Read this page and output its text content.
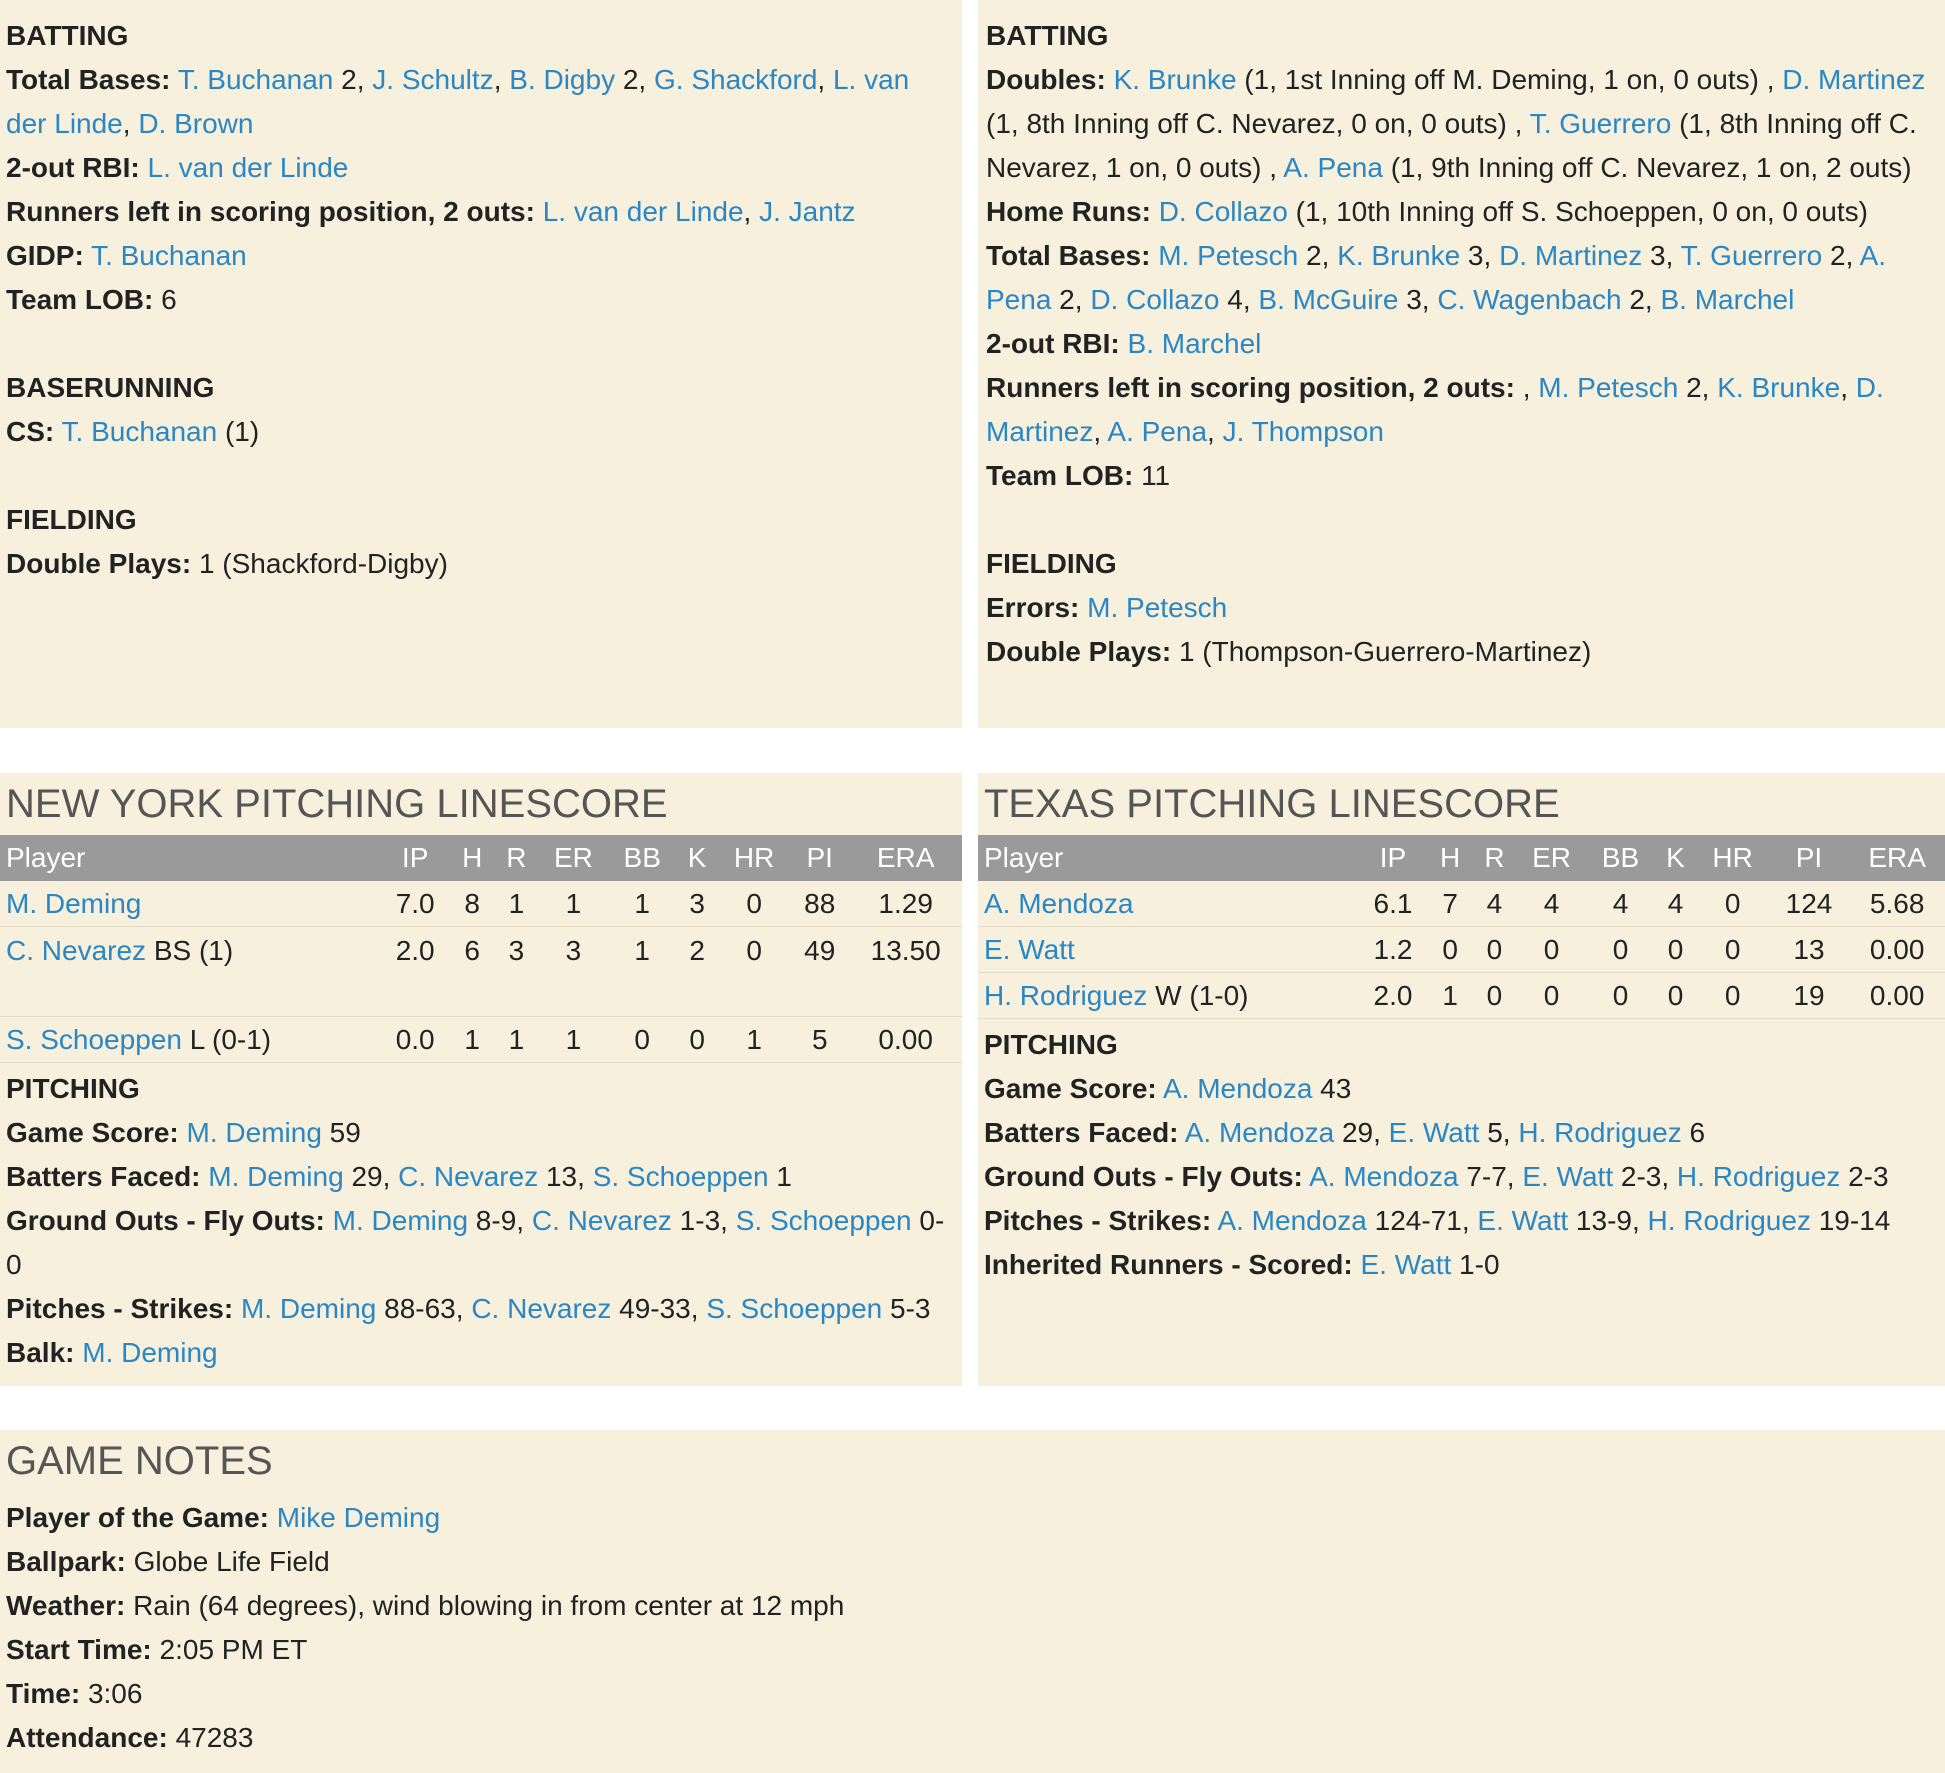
BATTING
Total Bases: T. Buchanan 2, J. Schultz, B. Digby 2, G. Shackford, L. van der Linde, D. Brown
2-out RBI: L. van der Linde
Runners left in scoring position, 2 outs: L. van der Linde, J. Jantz
GIDP: T. Buchanan
Team LOB: 6
BASERUNNING
CS: T. Buchanan (1)
FIELDING
Double Plays: 1 (Shackford-Digby)
BATTING
Doubles: K. Brunke (1, 1st Inning off M. Deming, 1 on, 0 outs) , D. Martinez (1, 8th Inning off C. Nevarez, 0 on, 0 outs) , T. Guerrero (1, 8th Inning off C. Nevarez, 1 on, 0 outs) , A. Pena (1, 9th Inning off C. Nevarez, 1 on, 2 outs)
Home Runs: D. Collazo (1, 10th Inning off S. Schoeppen, 0 on, 0 outs)
Total Bases: M. Petesch 2, K. Brunke 3, D. Martinez 3, T. Guerrero 2, A. Pena 2, D. Collazo 4, B. McGuire 3, C. Wagenbach 2, B. Marchel
2-out RBI: B. Marchel
Runners left in scoring position, 2 outs: , M. Petesch 2, K. Brunke, D. Martinez, A. Pena, J. Thompson
Team LOB: 11
FIELDING
Errors: M. Petesch
Double Plays: 1 (Thompson-Guerrero-Martinez)
NEW YORK PITCHING LINESCORE
Player	IP	H	R	ER	BB	K	HR	PI	ERA
M. Deming	7.0	8	1	1	1	3	0	88	1.29
C. Nevarez BS (1)	2.0	6	3	3	1	2	0	49	13.50
S. Schoeppen L (0-1)	0.0	1	1	1	0	0	1	5	0.00
PITCHING
Game Score: M. Deming 59
Batters Faced: M. Deming 29, C. Nevarez 13, S. Schoeppen 1
Ground Outs - Fly Outs: M. Deming 8-9, C. Nevarez 1-3, S. Schoeppen 0-0
Pitches - Strikes: M. Deming 88-63, C. Nevarez 49-33, S. Schoeppen 5-3
Balk: M. Deming
TEXAS PITCHING LINESCORE
Player	IP	H	R	ER	BB	K	HR	PI	ERA
A. Mendoza	6.1	7	4	4	4	4	0	124	5.68
E. Watt	1.2	0	0	0	0	0	0	13	0.00
H. Rodriguez W (1-0)	2.0	1	0	0	0	0	0	19	0.00
PITCHING
Game Score: A. Mendoza 43
Batters Faced: A. Mendoza 29, E. Watt 5, H. Rodriguez 6
Ground Outs - Fly Outs: A. Mendoza 7-7, E. Watt 2-3, H. Rodriguez 2-3
Pitches - Strikes: A. Mendoza 124-71, E. Watt 13-9, H. Rodriguez 19-14
Inherited Runners - Scored: E. Watt 1-0
GAME NOTES
Player of the Game: Mike Deming
Ballpark: Globe Life Field
Weather: Rain (64 degrees), wind blowing in from center at 12 mph
Start Time: 2:05 PM ET
Time: 3:06
Attendance: 47283
